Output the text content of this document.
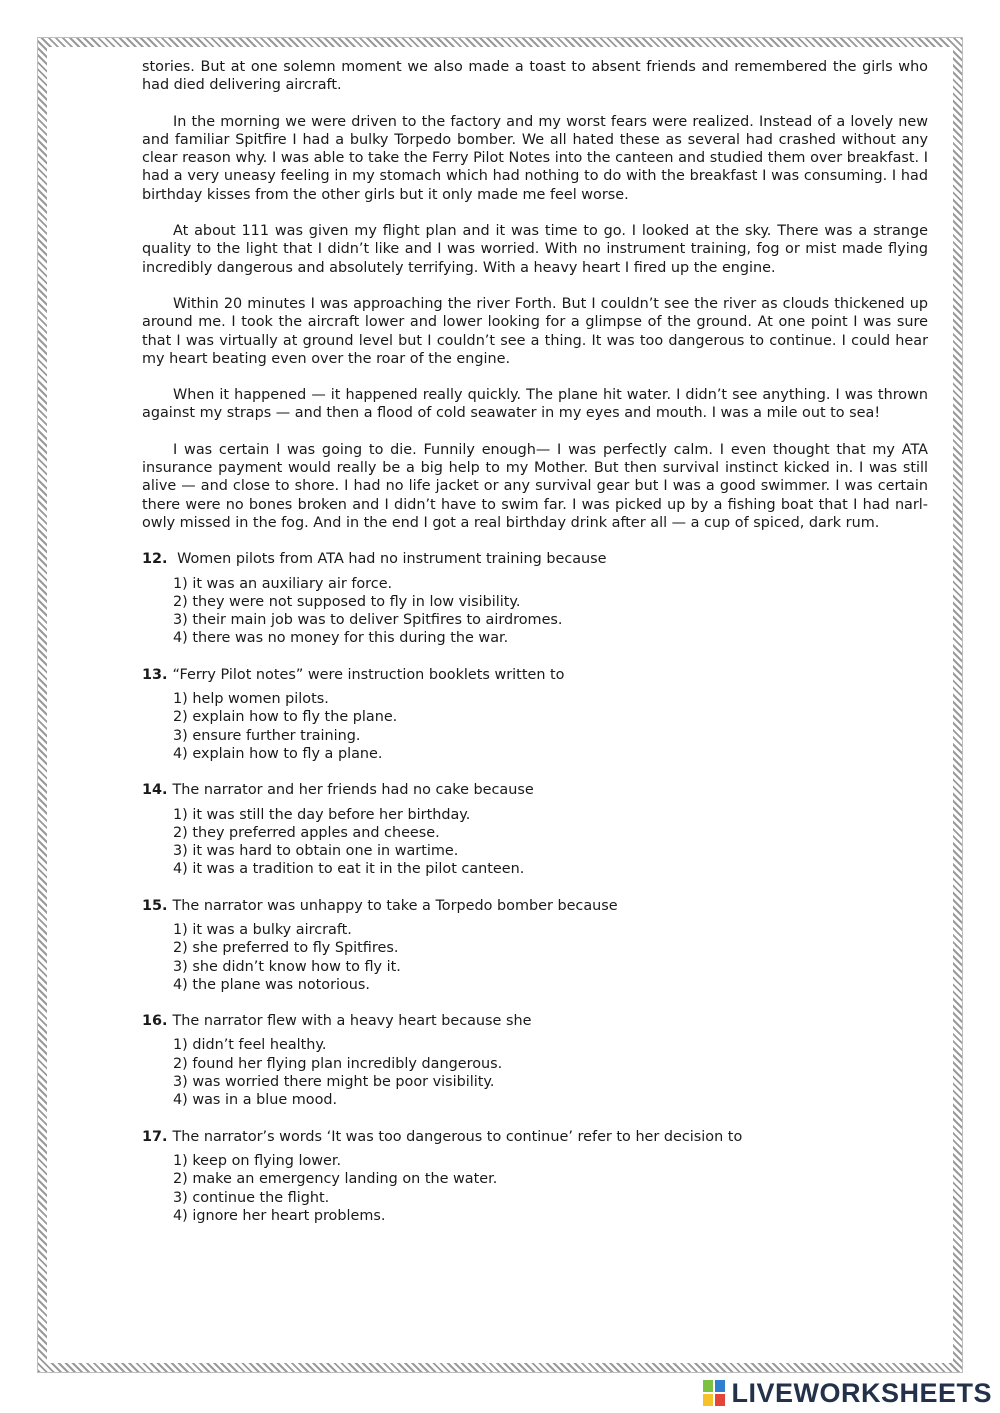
stories. But at one solemn moment we also made a toast to absent friends and remembered the girls who had died delivering aircraft.

In the morning we were driven to the factory and my worst fears were realized. Instead of a lovely new and familiar Spitfire I had a bulky Torpedo bomber. We all hated these as several had crashed without any clear reason why. I was able to take the Ferry Pilot Notes into the canteen and studied them over breakfast. I had a very uneasy feeling in my stomach which had nothing to do with the breakfast I was consuming. I had birthday kisses from the other girls but it only made me feel worse.

At about 111 was given my flight plan and it was time to go. I looked at the sky. There was a strange quality to the light that I didn’t like and I was worried. With no instrument training, fog or mist made flying incredibly dangerous and absolutely terrifying. With a heavy heart I fired up the engine.

Within 20 minutes I was approaching the river Forth. But I couldn’t see the river as clouds thickened up around me. I took the aircraft lower and lower looking for a glimpse of the ground. At one point I was sure that I was virtually at ground level but I couldn’t see a thing. It was too dangerous to continue. I could hear my heart beating even over the roar of the engine.

When it happened — it happened really quickly. The plane hit water. I didn’t see anything. I was thrown against my straps — and then a flood of cold seawater in my eyes and mouth. I was a mile out to sea!

I was certain I was going to die. Funnily enough— I was perfectly calm. I even thought that my ATA insurance payment would really be a big help to my Mother. But then survival instinct kicked in. I was still alive — and close to shore. I had no life jacket or any survival gear but I was a good swimmer. I was certain there were no bones broken and I didn’t have to swim far. I was picked up by a fishing boat that I had narl-owly missed in the fog. And in the end I got a real birthday drink after all — a cup of spiced, dark rum.

12. Women pilots from ATA had no instrument training because

1) it was an auxiliary air force.
2) they were not supposed to fly in low visibility.
3) their main job was to deliver Spitfires to airdromes.
4) there was no money for this during the war.

13. “Ferry Pilot notes” were instruction booklets written to

1) help women pilots.
2) explain how to fly the plane.
3) ensure further training.
4) explain how to fly a plane.

14. The narrator and her friends had no cake because

1) it was still the day before her birthday.
2) they preferred apples and cheese.
3) it was hard to obtain one in wartime.
4) it was a tradition to eat it in the pilot canteen.

15. The narrator was unhappy to take a Torpedo bomber because

1) it was a bulky aircraft.
2) she preferred to fly Spitfires.
3) she didn’t know how to fly it.
4) the plane was notorious.

16. The narrator flew with a heavy heart because she

1) didn’t feel healthy.
2) found her flying plan incredibly dangerous.
3) was worried there might be poor visibility.
4) was in a blue mood.

17. The narrator’s words ‘It was too dangerous to continue’ refer to her decision to

1) keep on flying lower.
2) make an emergency landing on the water.
3) continue the flight.
4) ignore her heart problems.
LIVEWORKSHEETS
